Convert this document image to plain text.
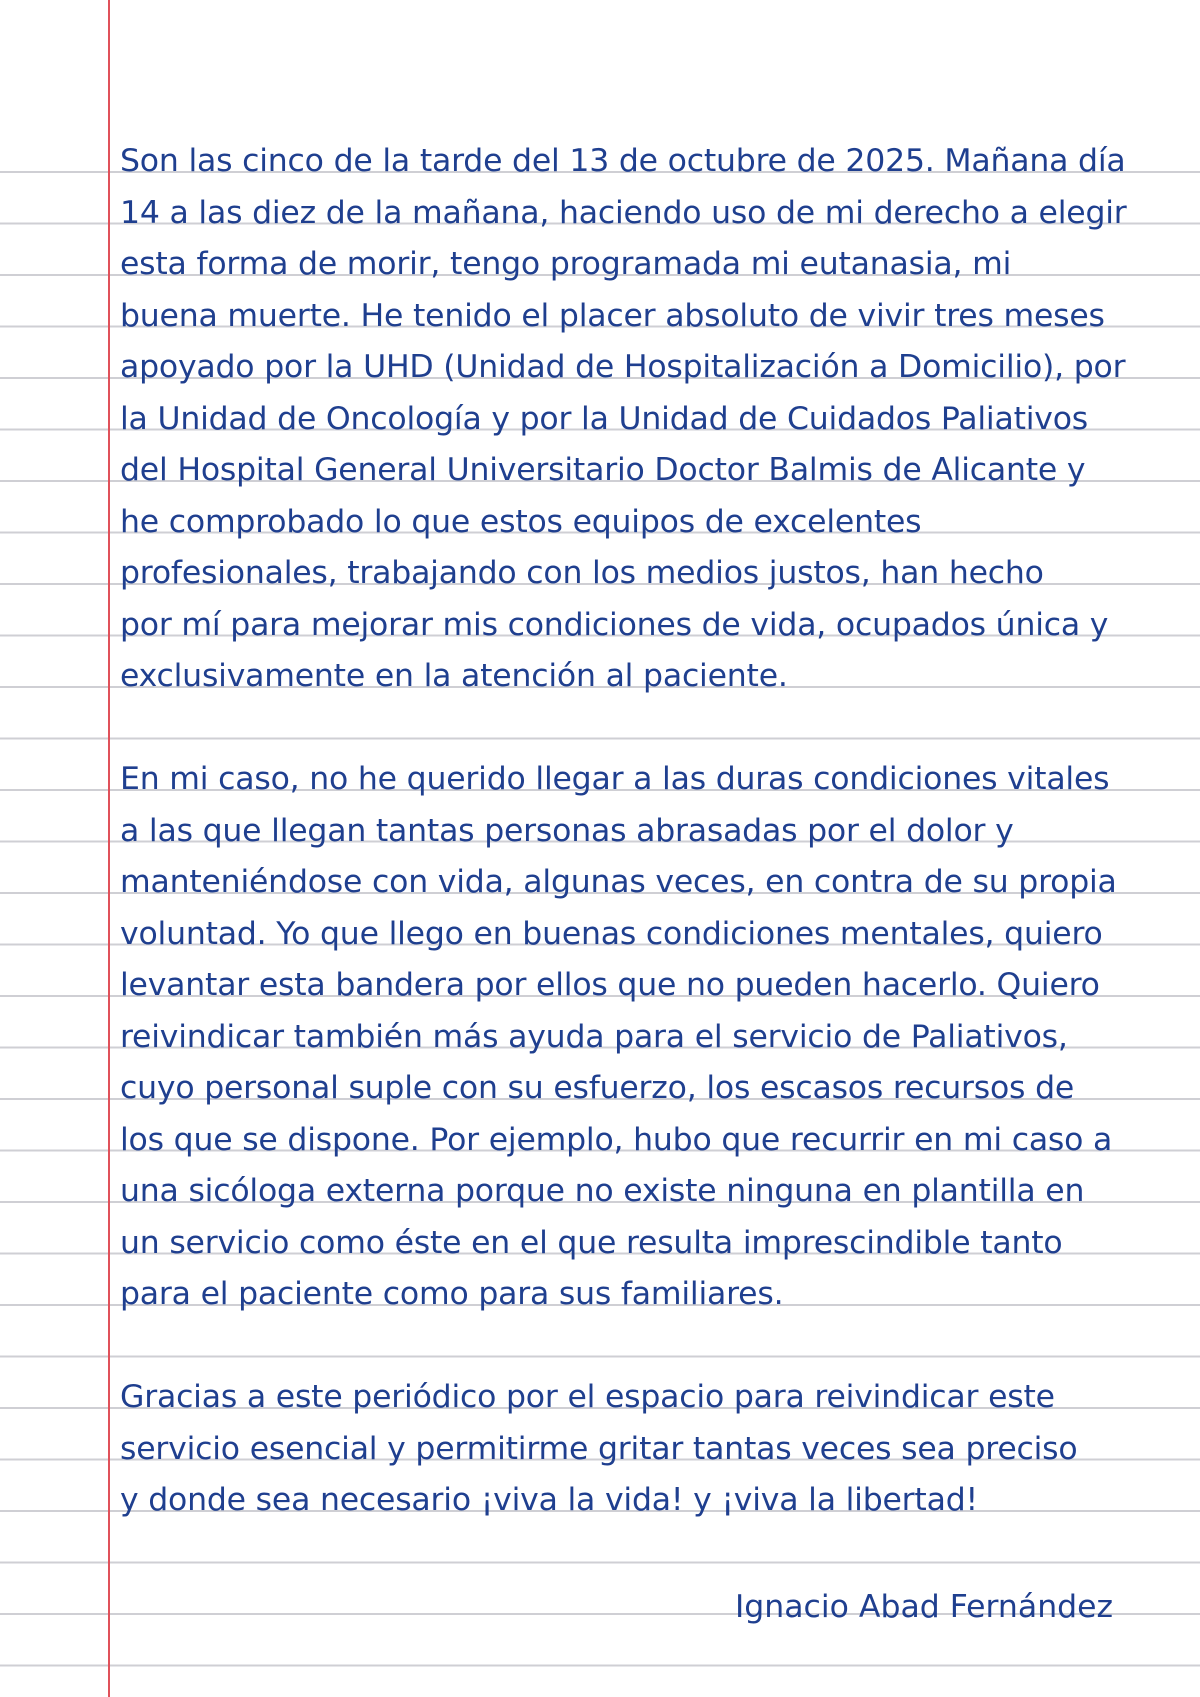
Son las cinco de la tarde del 13 de octubre de 2025. Mañana día
14 a las diez de la mañana, haciendo uso de mi derecho a elegir
esta forma de morir, tengo programada mi eutanasia, mi
buena muerte. He tenido el placer absoluto de vivir tres meses
apoyado por la UHD (Unidad de Hospitalización a Domicilio), por
la Unidad de Oncología y por la Unidad de Cuidados Paliativos
del Hospital General Universitario Doctor Balmis de Alicante y
he comprobado lo que estos equipos de excelentes
profesionales, trabajando con los medios justos, han hecho
por mí para mejorar mis condiciones de vida, ocupados única y
exclusivamente en la atención al paciente.

En mi caso, no he querido llegar a las duras condiciones vitales
a las que llegan tantas personas abrasadas por el dolor y
manteniéndose con vida, algunas veces, en contra de su propia
voluntad. Yo que llego en buenas condiciones mentales, quiero
levantar esta bandera por ellos que no pueden hacerlo. Quiero
reivindicar también más ayuda para el servicio de Paliativos,
cuyo personal suple con su esfuerzo, los escasos recursos de
los que se dispone. Por ejemplo, hubo que recurrir en mi caso a
una sicóloga externa porque no existe ninguna en plantilla en
un servicio como éste en el que resulta imprescindible tanto
para el paciente como para sus familiares.

Gracias a este periódico por el espacio para reivindicar este
servicio esencial y permitirme gritar tantas veces sea preciso
y donde sea necesario ¡viva la vida! y ¡viva la libertad!

Ignacio Abad Fernández
